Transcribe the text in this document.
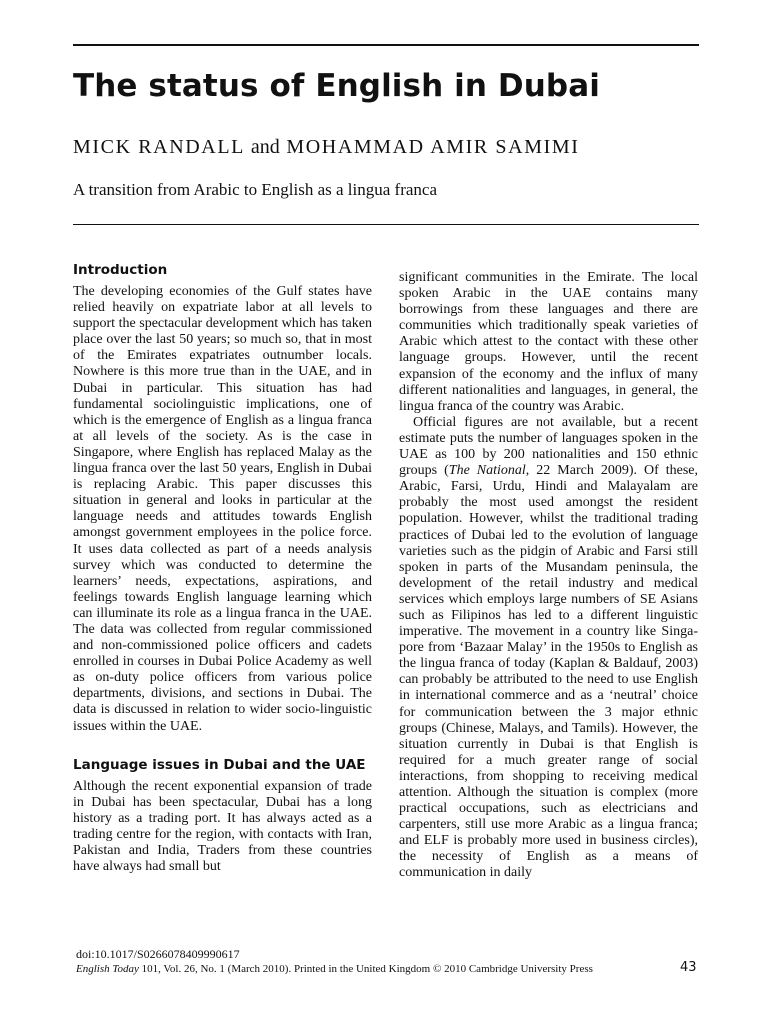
The status of English in Dubai
MICK RANDALL and MOHAMMAD AMIR SAMIMI
A transition from Arabic to English as a lingua franca
Introduction

The developing economies of the Gulf states have relied heavily on expatriate labor at all levels to support the spectacular development which has taken place over the last 50 years; so much so, that in most of the Emirates expatriates outnumber locals. Nowhere is this more true than in the UAE, and in Dubai in particular. This situation has had fundamental sociolinguistic implications, one of which is the emergence of English as a lingua franca at all levels of the society. As is the case in Singapore, where English has replaced Malay as the lingua franca over the last 50 years, English in Dubai is replacing Arabic. This paper discusses this situation in general and looks in particular at the language needs and attitudes towards English amongst government employees in the police force. It uses data collected as part of a needs analysis survey which was conducted to determine the learners’ needs, expectations, aspirations, and feelings towards English language learning which can illuminate its role as a lingua franca in the UAE. The data was collected from regular commissioned and non-commissioned police officers and cadets enrolled in courses in Dubai Police Academy as well as on-duty police officers from various police departments, divisions, and sections in Dubai. The data is discussed in relation to wider socio-linguistic issues within the UAE.

Language issues in Dubai and the UAE

Although the recent exponential expansion of trade in Dubai has been spectacular, Dubai has a long history as a trading port. It has always acted as a trading centre for the region, with contacts with Iran, Pakistan and India, Traders from these countries have always had small but

significant communities in the Emirate. The local spoken Arabic in the UAE contains many borrowings from these languages and there are communities which traditionally speak varieties of Arabic which attest to the contact with these other language groups. However, until the recent expansion of the economy and the influx of many different nationalities and languages, in general, the lingua franca of the country was Arabic.

Official figures are not available, but a recent estimate puts the number of languages spoken in the UAE as 100 by 200 nationalities and 150 ethnic groups (The National, 22 March 2009). Of these, Arabic, Farsi, Urdu, Hindi and Malayalam are probably the most used amongst the resident population. However, whilst the traditional trading practices of Dubai led to the evolution of language varieties such as the pidgin of Arabic and Farsi still spoken in parts of the Musandam peninsula, the development of the retail industry and medical services which employs large numbers of SE Asians such as Filipinos has led to a different linguistic imperative. The movement in a country like Singapore from ‘Bazaar Malay’ in the 1950s to English as the lingua franca of today (Kaplan & Baldauf, 2003) can probably be attributed to the need to use English in international commerce and as a ‘neutral’ choice for communication between the 3 major ethnic groups (Chinese, Malays, and Tamils). However, the situation currently in Dubai is that English is required for a much greater range of social interactions, from shopping to receiving medical attention. Although the situation is complex (more practical occupations, such as electricians and carpenters, still use more Arabic as a lingua franca; and ELF is probably more used in business circles), the necessity of English as a means of communication in daily

doi:10.1017/S0266078409990617
English Today 101, Vol. 26, No. 1 (March 2010). Printed in the United Kingdom © 2010 Cambridge University Press	43
